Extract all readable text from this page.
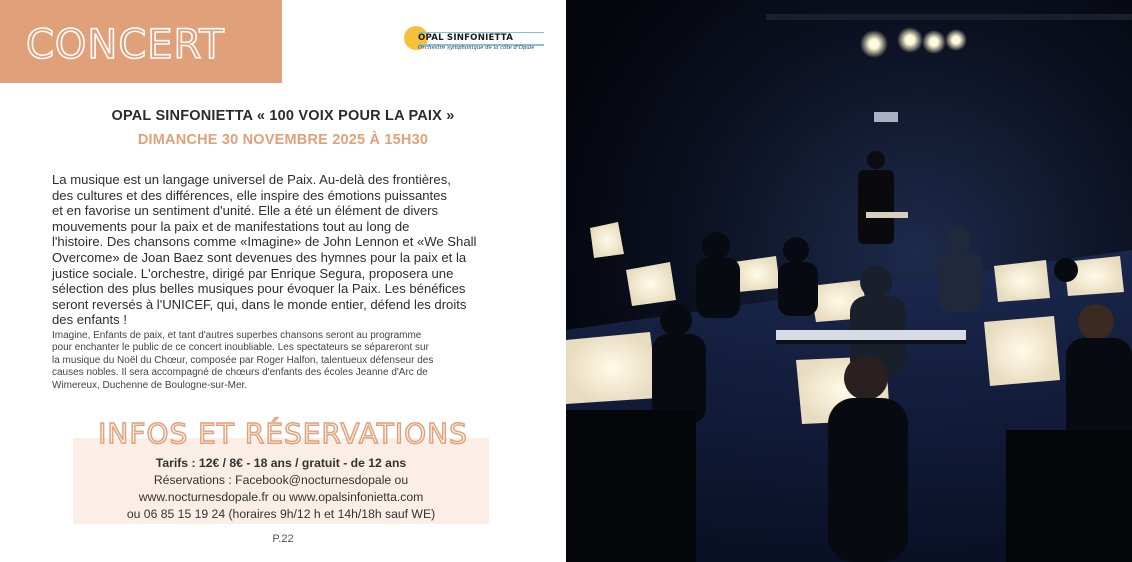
CONCERT	OPAL SINFONIETTA
Orchestre symphonique de la côte d'Opale
OPAL SINFONIETTA « 100 VOIX POUR LA PAIX »
DIMANCHE 30 NOVEMBRE 2025 À 15H30
La musique est un langage universel de Paix. Au-delà des frontières,
des cultures et des différences, elle inspire des émotions puissantes
et en favorise un sentiment d'unité. Elle a été un élément de divers
mouvements pour la paix et de manifestations tout au long de
l'histoire. Des chansons comme «Imagine» de John Lennon et «We Shall
Overcome» de Joan Baez sont devenues des hymnes pour la paix et la
justice sociale. L'orchestre, dirigé par Enrique Segura, proposera une
sélection des plus belles musiques pour évoquer la Paix. Les bénéfices
seront reversés à l'UNICEF, qui, dans le monde entier, défend les droits
des enfants !
Imagine, Enfants de paix, et tant d'autres superbes chansons seront au programme
pour enchanter le public de ce concert inoubliable. Les spectateurs se sépareront sur
la musique du Noël du Chœur, composée par Roger Halfon, talentueux défenseur des
causes nobles. Il sera accompagné de chœurs d'enfants des écoles Jeanne d'Arc de
Wimereux, Duchenne de Boulogne-sur-Mer.
INFOS ET RÉSERVATIONS
Tarifs : 12€ / 8€ - 18 ans / gratuit - de 12 ans
Réservations : Facebook@nocturnesdopale ou
www.nocturnesdopale.fr ou www.opalsinfonietta.com
ou 06 85 15 19 24 (horaires 9h/12 h et 14h/18h sauf WE)
P.22
